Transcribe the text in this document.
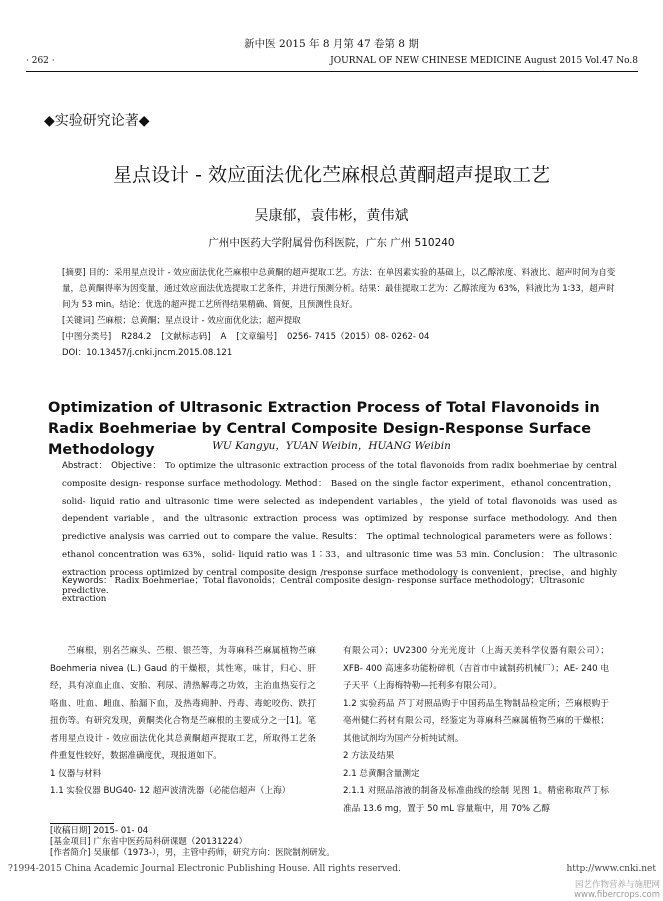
新中医 2015 年 8 月第 47 卷第 8 期
· 262 ·	JOURNAL OF NEW CHINESE MEDICINE August 2015 Vol.47 No.8
◆实验研究论著◆
星点设计 - 效应面法优化苎麻根总黄酮超声提取工艺
吴康郁，袁伟彬，黄伟斌
广州中医药大学附属骨伤科医院，广东 广州 510240

[摘要] 目的：采用星点设计 - 效应面法优化苎麻根中总黄酮的超声提取工艺。方法：在单因素实验的基础上，以乙醇浓度、料液比、超声时间为自变量，总黄酮得率为因变量，通过效应面法优选提取工艺条件，并进行预测分析。结果：最佳提取工艺为：乙醇浓度为 63%，料液比为 1∶33，超声时间为 53 min。结论：优选的超声提工艺所得结果精确、简便，且预测性良好。

[关键词] 苎麻根；总黄酮；星点设计 - 效应面优化法；超声提取

[中图分类号] R284.2 [文献标志码] A [文章编号] 0256- 7415（2015）08- 0262- 04

DOI：10.13457/j.cnki.jncm.2015.08.121

Optimization of Ultrasonic Extraction Process of Total Flavonoids in Radix Boehmeriae by Central Composite Design-Response Surface Methodology	WU Kangyu，YUAN Weibin，HUANG Weibin
Abstract： Objective： To optimize the ultrasonic extraction process of the total flavonoids from radix boehmeriae by central composite design- response surface methodology. Method： Based on the single factor experiment，ethanol concentration，solid- liquid ratio and ultrasonic time were selected as independent variables，the yield of total flavonoids was used as dependent variable，and the ultrasonic extraction process was optimized by response surface methodology. And then predictive analysis was carried out to compare the value. Results： The optimal technological parameters were as follows：ethanol concentration was 63%，solid- liquid ratio was 1∶33，and ultrasonic time was 53 min. Conclusion： The ultrasonic extraction process optimized by central composite design /response surface methodology is convenient，precise，and highly predictive.
Keywords： Radix Boehmeriae；Total flavonoids；Central composite design- response surface methodology；Ultrasonic extraction

苎麻根，别名苎麻头、苎根、银苎等，为荨麻科苎麻属植物苎麻 Boehmeria nivea (L.) Gaud 的干燥根，其性寒，味甘，归心、肝经，具有凉血止血、安胎、利尿、清热解毒之功效，主治血热妄行之咯血、吐血、衄血、胎漏下血，及热毒痈肿、丹毒、毒蛇咬伤、跌打扭伤等。有研究发现，黄酮类化合物是苎麻根的主要成分之一[1]。笔者用星点设计 - 效应面法优化其总黄酮超声提取工艺，所取得工艺条件重复性较好，数据准确度优，现报道如下。

1 仪器与材料

1.1 实验仪器 BUG40- 12 超声波清洗器（必能信超声（上海）

有限公司）；UV2300 分光光度计（上海天美科学仪器有限公司）；XFB- 400 高速多功能粉碎机（吉首市中诚制药机械厂）；AE- 240 电子天平（上海梅特勒—托利多有限公司）。

1.2 实验药品 芦丁对照品购于中国药品生物制品检定所；苎麻根购于亳州健仁药材有限公司，经鉴定为荨麻科苎麻属植物苎麻的干燥根；其他试剂均为国产分析纯试剂。

2 方法及结果

2.1 总黄酮含量测定

2.1.1 对照品溶液的制备及标准曲线的绘制 见图 1。精密称取芦丁标准品 13.6 mg，置于 50 mL 容量瓶中，用 70% 乙醇

[收稿日期] 2015- 01- 04

[基金项目] 广东省中医药局科研课题（20131224）

[作者简介] 吴康郁（1973-），男，主管中药师，研究方向：医院制剂研发。

?1994-2015 China Academic Journal Electronic Publishing House. All rights reserved.	http://www.cnki.net
园艺作物营养与施肥网 www.fibercrops.com
